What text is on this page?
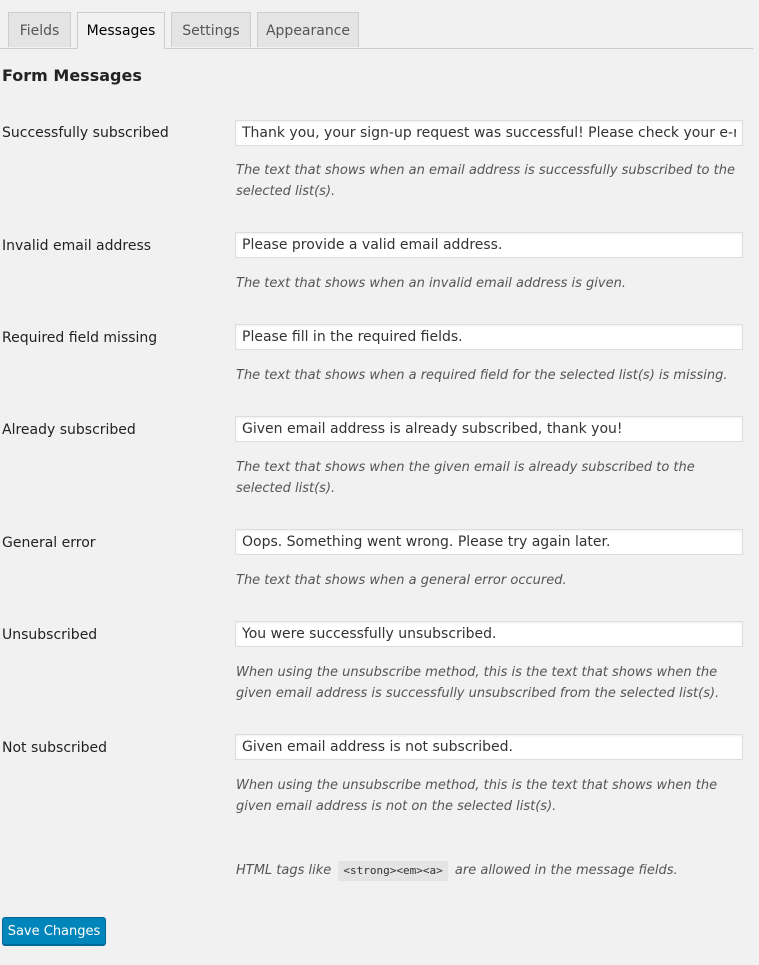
Fields	Messages	Settings	Appearance
Form Messages
Successfully subscribed
Thank you, your sign-up request was successful! Please check your e-mail inbox.

The text that shows when an email address is successfully subscribed to the selected list(s).

Invalid email address
Please provide a valid email address.

The text that shows when an invalid email address is given.

Required field missing
Please fill in the required fields.

The text that shows when a required field for the selected list(s) is missing.

Already subscribed
Given email address is already subscribed, thank you!

The text that shows when the given email is already subscribed to the selected list(s).

General error
Oops. Something went wrong. Please try again later.

The text that shows when a general error occured.

Unsubscribed
You were successfully unsubscribed.

When using the unsubscribe method, this is the text that shows when the given email address is successfully unsubscribed from the selected list(s).

Not subscribed
Given email address is not subscribed.

When using the unsubscribe method, this is the text that shows when the given email address is not on the selected list(s).

HTML tags like <strong><em><a> are allowed in the message fields.
Save Changes
